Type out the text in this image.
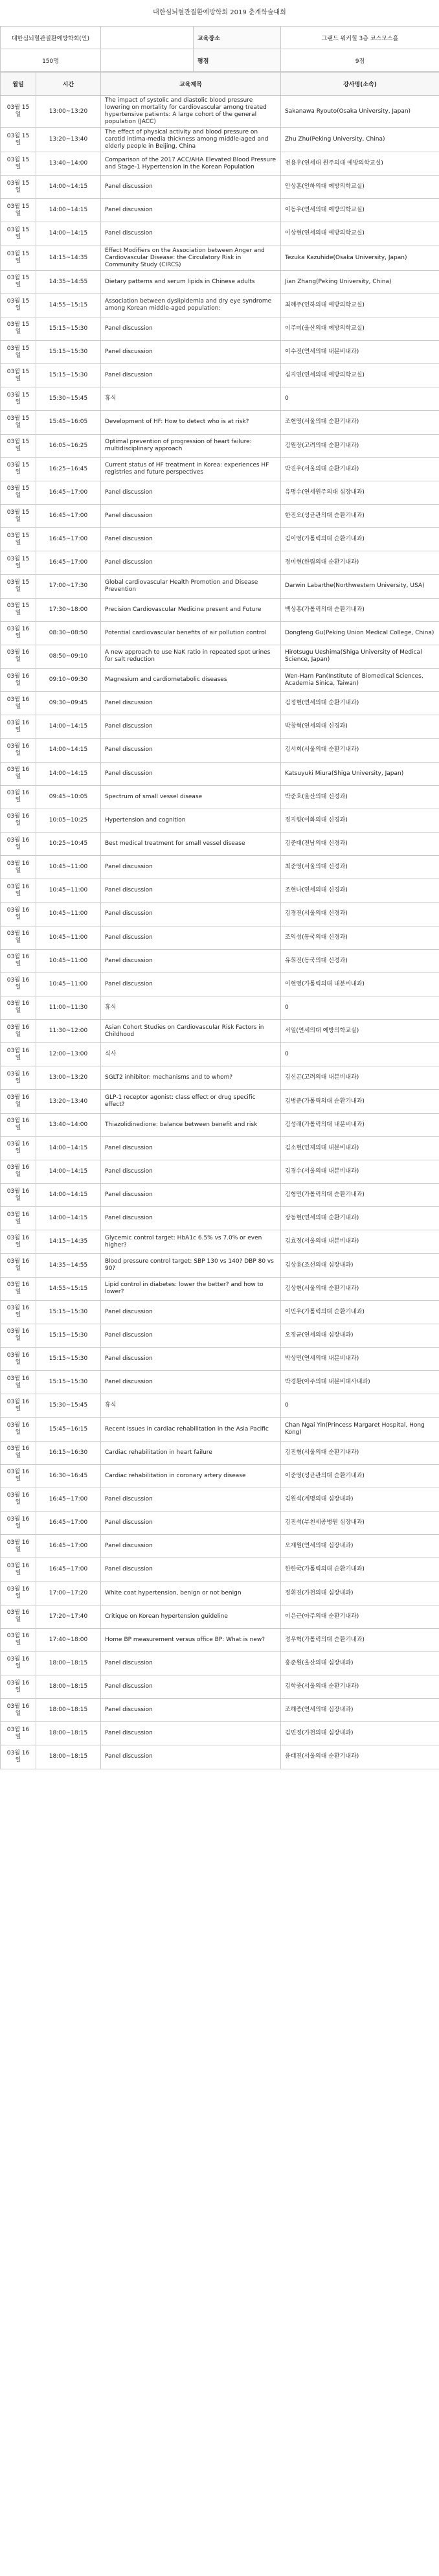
대한심뇌혈관질환예방학회 2019 춘계학술대회
대한심뇌혈관질환예방학회(인)		교육장소	그랜드 워커힐 3층 코스모스홀
150명		평점	9점
월일	시간	교육제목	강사명(소속)
03월 15일	13:00~13:20	The impact of systolic and diastolic blood pressure lowering on mortality for cardiovascular among treated hypertensive patients: A large cohort of the general population (JACC)	Sakanawa Ryouto(Osaka University, Japan)
03월 15일	13:20~13:40	The effect of physical activity and blood pressure on carotid intima-media thickness among middle-aged and elderly people in Beijing, China	Zhu Zhu(Peking University, China)
03월 15일	13:40~14:00	Comparison of the 2017 ACC/AHA Elevated Blood Pressure and Stage-1 Hypertension in the Korean Population	전용우(연세대 원주의대 예방의학교실)
03월 15일	14:00~14:15	Panel discussion	안상훈(인하의대 예방의학교실)
03월 15일	14:00~14:15	Panel discussion	이동우(연세의대 예방의학교실)
03월 15일	14:00~14:15	Panel discussion	이상현(연세의대 예방의학교실)
03월 15일	14:15~14:35	Effect Modifiers on the Association between Anger and Cardiovascular Disease: the Circulatory Risk in Community Study (CIRCS)	Tezuka Kazuhide(Osaka University, Japan)
03월 15일	14:35~14:55	Dietary patterns and serum lipids in Chinese adults	Jian Zhang(Peking University, China)
03월 15일	14:55~15:15	Association between dyslipidemia and dry eye syndrome among Korean middle-aged population:	최혜주(인하의대 예방의학교실)
03월 15일	15:15~15:30	Panel discussion	이주미(울산의대 예방의학교실)
03월 15일	15:15~15:30	Panel discussion	이수진(연세의대 내분비내과)
03월 15일	15:15~15:30	Panel discussion	심지연(연세의대 예방의학교실)
03월 15일	15:30~15:45	휴식	0
03월 15일	15:45~16:05	Development of HF: How to detect who is at risk?	조현영(서울의대 순환기내과)
03월 15일	16:05~16:25	Optimal prevention of progression of heart failure: multidisciplinary approach	김원장(고려의대 순환기내과)
03월 15일	16:25~16:45	Current status of HF treatment in Korea: experiences HF registries and future perspectives	박진우(서울의대 순환기내과)
03월 15일	16:45~17:00	Panel discussion	유명수(연세원주의대 심장내과)
03월 15일	16:45~17:00	Panel discussion	한진오(성균관의대 순환기내과)
03월 15일	16:45~17:00	Panel discussion	김이영(가톨릭의대 순환기내과)
03월 15일	16:45~17:00	Panel discussion	정미현(한림의대 순환기내과)
03월 15일	17:00~17:30	Global cardiovascular Health Promotion and Disease Prevention	Darwin Labarthe(Northwestern University, USA)
03월 15일	17:30~18:00	Precision Cardiovascular Medicine present and Future	백상홍(가톨릭의대 순환기내과)
03월 16일	08:30~08:50	Potential cardiovascular benefits of air pollution control	Dongfeng Gu(Peking Union Medical College, China)
03월 16일	08:50~09:10	A new approach to use NaK ratio in repeated spot urines for salt reduction	Hirotsugu Ueshima(Shiga University of Medical Science, Japan)
03월 16일	09:10~09:30	Magnesium and cardiometabolic diseases	Wen-Harn Pan(Institute of Biomedical Sciences, Academia Sinica, Taiwan)
03월 16일	09:30~09:45	Panel discussion	김정현(연세의대 순환기내과)
03월 16일	14:00~14:15	Panel discussion	박창혁(연세의대 신경과)
03월 16일	14:00~14:15	Panel discussion	김서희(서울의대 순환기내과)
03월 16일	14:00~14:15	Panel discussion	Katsuyuki Miura(Shiga University, Japan)
03월 16일	09:45~10:05	Spectrum of small vessel disease	박준호(울산의대 신경과)
03월 16일	10:05~10:25	Hypertension and cognition	정지향(이화의대 신경과)
03월 16일	10:25~10:45	Best medical treatment for small vessel disease	김준태(전남의대 신경과)
03월 16일	10:45~11:00	Panel discussion	최준영(서울의대 신경과)
03월 16일	10:45~11:00	Panel discussion	조현나(연세의대 신경과)
03월 16일	10:45~11:00	Panel discussion	김경진(서울의대 신경과)
03월 16일	10:45~11:00	Panel discussion	조익성(동국의대 신경과)
03월 16일	10:45~11:00	Panel discussion	유휘진(동국의대 신경과)
03월 16일	10:45~11:00	Panel discussion	이현영(가톨릭의대 내분비내과)
03월 16일	11:00~11:30	휴식	0
03월 16일	11:30~12:00	Asian Cohort Studies on Cardiovascular Risk Factors in Childhood	서일(연세의대 예방의학교실)
03월 16일	12:00~13:00	식사	0
03월 16일	13:00~13:20	SGLT2 inhibitor: mechanisms and to whom?	김신곤(고려의대 내분비내과)
03월 16일	13:20~13:40	GLP-1 receptor agonist: class effect or drug specific effect?	김병준(가톨릭의대 순환기내과)
03월 16일	13:40~14:00	Thiazolidinedione: balance between benefit and risk	김성래(가톨릭의대 내분비내과)
03월 16일	14:00~14:15	Panel discussion	김소현(인제의대 내분비내과)
03월 16일	14:00~14:15	Panel discussion	김경수(서울의대 내분비내과)
03월 16일	14:00~14:15	Panel discussion	김형민(가톨릭의대 순환기내과)
03월 16일	14:00~14:15	Panel discussion	장동현(연세의대 순환기내과)
03월 16일	14:15~14:35	Glycemic control target: HbA1c 6.5% vs 7.0% or even higher?	김효정(서울의대 내분비내과)
03월 16일	14:35~14:55	Blood pressure control target: SBP 130 vs 140? DBP 80 vs 90?	김상용(조선의대 심장내과)
03월 16일	14:55~15:15	Lipid control in diabetes: lower the better? and how to lower?	김상현(서울의대 순환기내과)
03월 16일	15:15~15:30	Panel discussion	이민우(가톨릭의대 순환기내과)
03월 16일	15:15~15:30	Panel discussion	오정균(연세의대 심장내과)
03월 16일	15:15~15:30	Panel discussion	박상민(연세의대 내분비내과)
03월 16일	15:15~15:30	Panel discussion	박경환(아주의대 내분비대사내과)
03월 16일	15:30~15:45	휴식	0
03월 16일	15:45~16:15	Recent issues in cardiac rehabilitation in the Asia Pacific	Chan Ngai Yin(Princess Margaret Hospital, Hong Kong)
03월 16일	16:15~16:30	Cardiac rehabilitation in heart failure	김진형(서울의대 순환기내과)
03월 16일	16:30~16:45	Cardiac rehabilitation in coronary artery disease	이준영(성균관의대 순환기내과)
03월 16일	16:45~17:00	Panel discussion	김원석(계명의대 심장내과)
03월 16일	16:45~17:00	Panel discussion	김진석(부천세종병원 심장내과)
03월 16일	16:45~17:00	Panel discussion	오재원(연세의대 심장내과)
03월 16일	16:45~17:00	Panel discussion	한한국(가톨릭의대 순환기내과)
03월 16일	17:00~17:20	White coat hypertension, benign or not benign	정휘진(가천의대 심장내과)
03월 16일	17:20~17:40	Critique on Korean hypertension guideline	이은근(아주의대 순환기내과)
03월 16일	17:40~18:00	Home BP measurement versus office BP: What is new?	정우혁(가톨릭의대 순환기내과)
03월 16일	18:00~18:15	Panel discussion	홍준원(울산의대 심장내과)
03월 16일	18:00~18:15	Panel discussion	김학중(서울의대 순환기내과)
03월 16일	18:00~18:15	Panel discussion	조해종(연세의대 심장내과)
03월 16일	18:00~18:15	Panel discussion	김민정(가천의대 심장내과)
03월 16일	18:00~18:15	Panel discussion	윤태진(서울의대 순환기내과)
